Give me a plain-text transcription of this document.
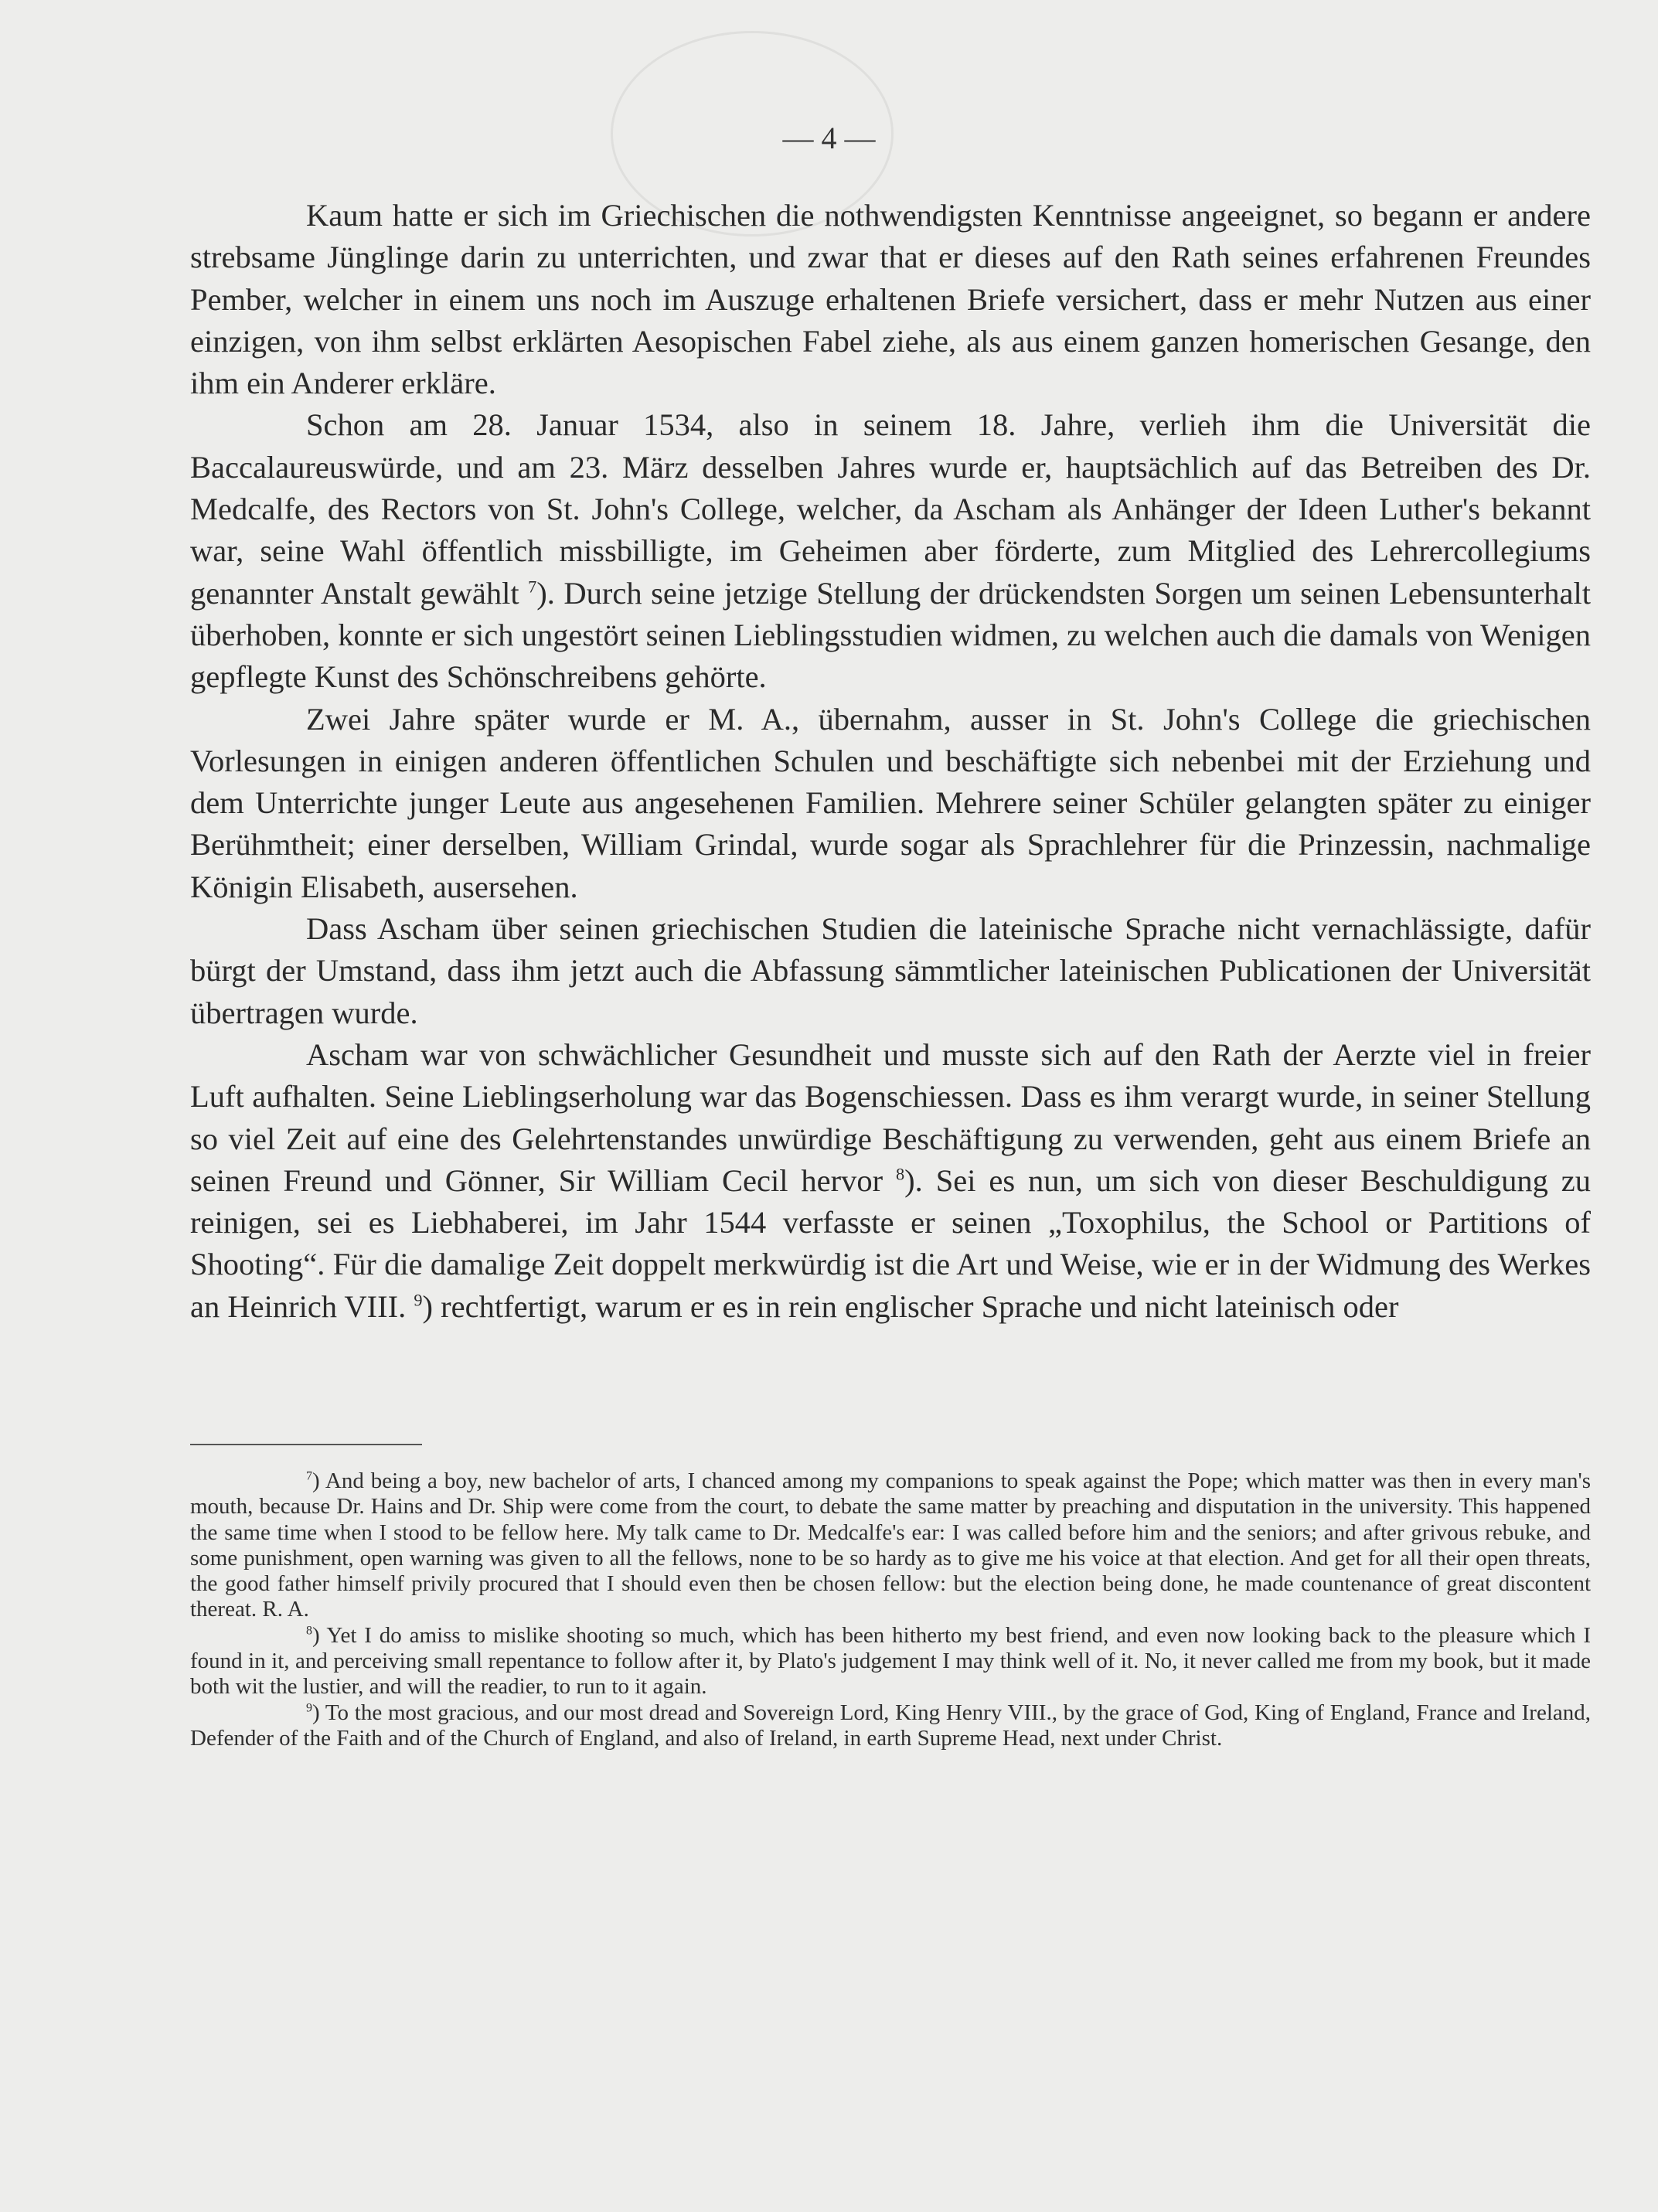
— 4 —

Kaum hatte er sich im Griechischen die nothwendigsten Kenntnisse angeeignet, so begann er andere strebsame Jünglinge darin zu unterrichten, und zwar that er dieses auf den Rath seines erfahrenen Freundes Pember, welcher in einem uns noch im Auszuge erhaltenen Briefe versichert, dass er mehr Nutzen aus einer einzigen, von ihm selbst erklärten Aesopischen Fabel ziehe, als aus einem ganzen homerischen Gesange, den ihm ein Anderer erkläre.

Schon am 28. Januar 1534, also in seinem 18. Jahre, verlieh ihm die Universität die Baccalaureuswürde, und am 23. März desselben Jahres wurde er, hauptsächlich auf das Betreiben des Dr. Medcalfe, des Rectors von St. John's College, welcher, da Ascham als Anhänger der Ideen Luther's bekannt war, seine Wahl öffentlich missbilligte, im Geheimen aber förderte, zum Mitglied des Lehrercollegiums genannter Anstalt gewählt $^7$). Durch seine jetzige Stellung der drückendsten Sorgen um seinen Lebensunterhalt überhoben, konnte er sich ungestört seinen Lieblingsstudien widmen, zu welchen auch die damals von Wenigen gepflegte Kunst des Schönschreibens gehörte.

Zwei Jahre später wurde er M. A., übernahm, ausser in St. John's College die griechischen Vorlesungen in einigen anderen öffentlichen Schulen und beschäftigte sich nebenbei mit der Erziehung und dem Unterrichte junger Leute aus angesehenen Familien. Mehrere seiner Schüler gelangten später zu einiger Berühmtheit; einer derselben, William Grindal, wurde sogar als Sprachlehrer für die Prinzessin, nachmalige Königin Elisabeth, ausersehen.

Dass Ascham über seinen griechischen Studien die lateinische Sprache nicht vernachlässigte, dafür bürgt der Umstand, dass ihm jetzt auch die Abfassung sämmtlicher lateinischen Publicationen der Universität übertragen wurde.

Ascham war von schwächlicher Gesundheit und musste sich auf den Rath der Aerzte viel in freier Luft aufhalten. Seine Lieblingserholung war das Bogenschiessen. Dass es ihm verargt wurde, in seiner Stellung so viel Zeit auf eine des Gelehrtenstandes unwürdige Beschäftigung zu verwenden, geht aus einem Briefe an seinen Freund und Gönner, Sir William Cecil hervor $^8$). Sei es nun, um sich von dieser Beschuldigung zu reinigen, sei es Liebhaberei, im Jahr 1544 verfasste er seinen „Toxophilus, the School or Partitions of Shooting“. Für die damalige Zeit doppelt merkwürdig ist die Art und Weise, wie er in der Widmung des Werkes an Heinrich VIII. $^9$) rechtfertigt, warum er es in rein englischer Sprache und nicht lateinisch oder

$^7$) And being a boy, new bachelor of arts, I chanced among my companions to speak against the Pope; which matter was then in every man's mouth, because Dr. Hains and Dr. Ship were come from the court, to debate the same matter by preaching and disputation in the university. This happened the same time when I stood to be fellow here. My talk came to Dr. Medcalfe's ear: I was called before him and the seniors; and after grivous rebuke, and some punishment, open warning was given to all the fellows, none to be so hardy as to give me his voice at that election. And get for all their open threats, the good father himself privily procured that I should even then be chosen fellow: but the election being done, he made countenance of great discontent thereat. R. A.

$^8$) Yet I do amiss to mislike shooting so much, which has been hitherto my best friend, and even now looking back to the pleasure which I found in it, and perceiving small repentance to follow after it, by Plato's judgement I may think well of it. No, it never called me from my book, but it made both wit the lustier, and will the readier, to run to it again.

$^9$) To the most gracious, and our most dread and Sovereign Lord, King Henry VIII., by the grace of God, King of England, France and Ireland, Defender of the Faith and of the Church of England, and also of Ireland, in earth Supreme Head, next under Christ.
